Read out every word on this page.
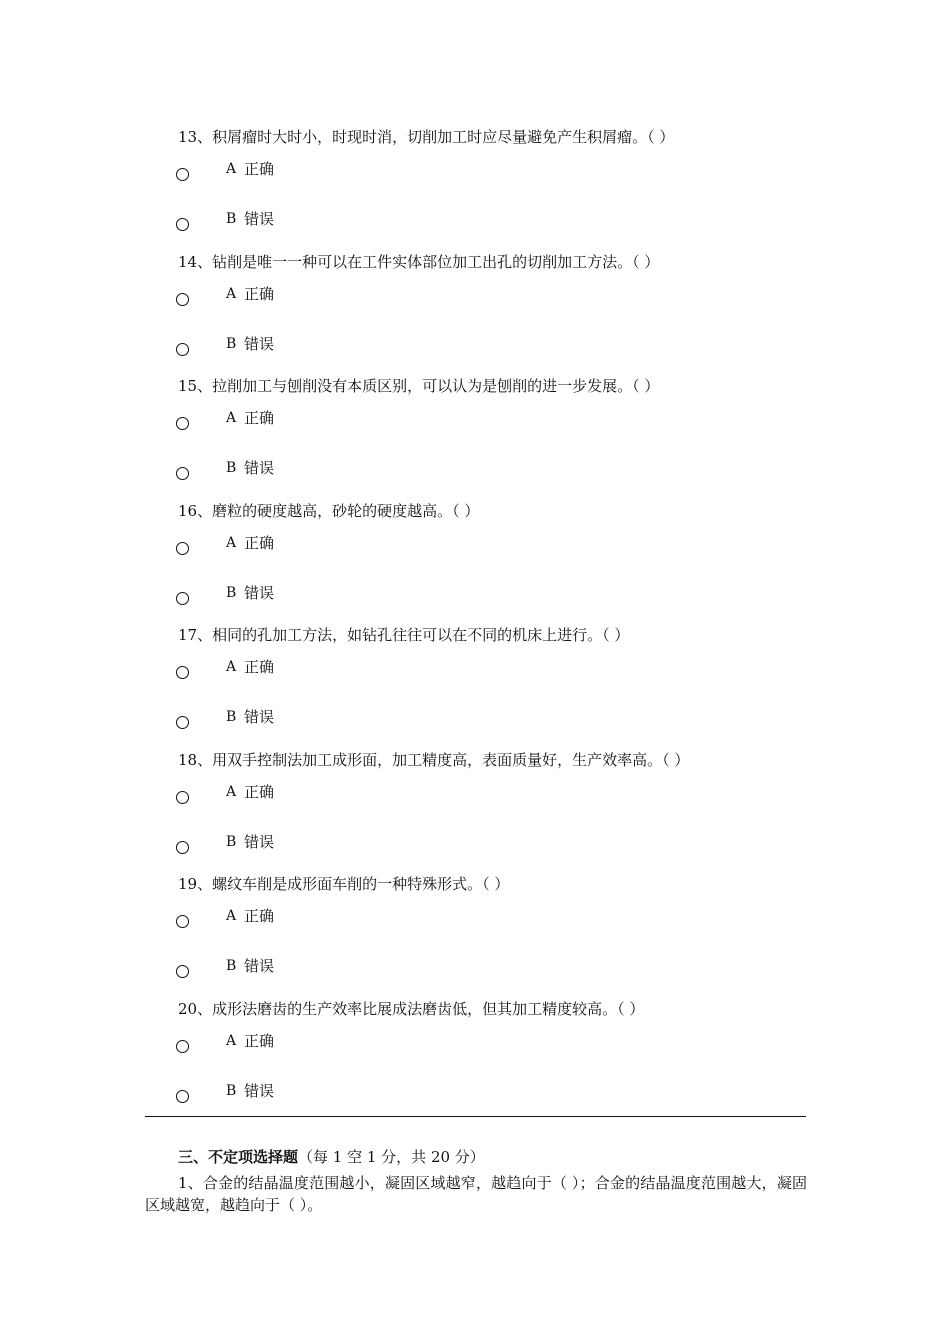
13、积屑瘤时大时小，时现时消，切削加工时应尽量避免产生积屑瘤。（ ）
A 正确
B 错误
14、钻削是唯一一种可以在工件实体部位加工出孔的切削加工方法。（ ）
A 正确
B 错误
15、拉削加工与刨削没有本质区别，可以认为是刨削的进一步发展。（ ）
A 正确
B 错误
16、磨粒的硬度越高，砂轮的硬度越高。（ ）
A 正确
B 错误
17、相同的孔加工方法，如钻孔往往可以在不同的机床上进行。（ ）
A 正确
B 错误
18、用双手控制法加工成形面，加工精度高，表面质量好，生产效率高。（ ）
A 正确
B 错误
19、螺纹车削是成形面车削的一种特殊形式。（ ）
A 正确
B 错误
20、成形法磨齿的生产效率比展成法磨齿低，但其加工精度较高。（ ）
A 正确
B 错误
三、不定项选择题（每 1 空 1 分，共 20 分）
1、合金的结晶温度范围越小，凝固区域越窄，越趋向于（ ）；合金的结晶温度范围越大，凝固区域越宽，越趋向于（ ）。
